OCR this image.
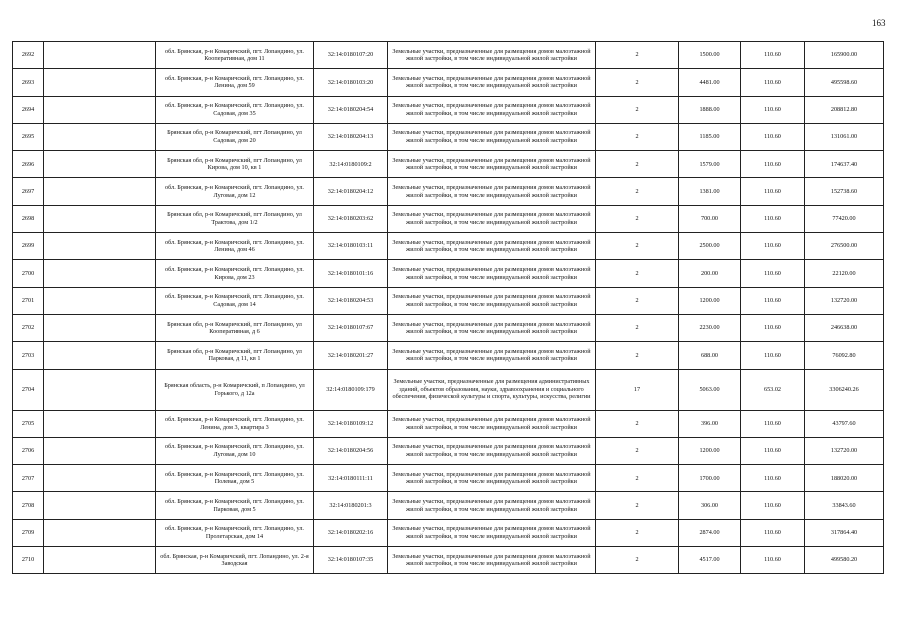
163
2692		обл. Брянская, р-н Комаричский, пгт. Лопандино, ул. Кооперативная, дом 11	32:14:0180107:20	Земельные участки, предназначенные для размещения домов малоэтажной жилой застройки, в том числе индивидуальной жилой застройки	2	1500.00	110.60	165900.00
2693		обл. Брянская, р-н Комаричский, пгт. Лопандино, ул. Ленина, дом 59	32:14:0180103:20	Земельные участки, предназначенные для размещения домов малоэтажной жилой застройки, в том числе индивидуальной жилой застройки	2	4481.00	110.60	495598.60
2694		обл. Брянская, р-н Комаричский, пгт. Лопандино, ул. Садовая, дом 35	32:14:0180204:54	Земельные участки, предназначенные для размещения домов малоэтажной жилой застройки, в том числе индивидуальной жилой застройки	2	1888.00	110.60	208812.80
2695		Брянская обл, р-н Комаричский, пгт Лопандино, ул Садовая, дом 20	32:14:0180204:13	Земельные участки, предназначенные для размещения домов малоэтажной жилой застройки, в том числе индивидуальной жилой застройки	2	1185.00	110.60	131061.00
2696		Брянская обл, р-н Комаричский, пгт Лопандино, ул Кирова, дом 10, кв 1	32:14:0180109:2	Земельные участки, предназначенные для размещения домов малоэтажной жилой застройки, в том числе индивидуальной жилой застройки	2	1579.00	110.60	174637.40
2697		обл. Брянская, р-н Комаричский, пгт. Лопандино, ул. Луговая, дом 12	32:14:0180204:12	Земельные участки, предназначенные для размещения домов малоэтажной жилой застройки, в том числе индивидуальной жилой застройки	2	1381.00	110.60	152738.60
2698		Брянская обл, р-н Комаричский, пгт Лопандино, ул Трактова, дом 1/2	32:14:0180203:62	Земельные участки, предназначенные для размещения домов малоэтажной жилой застройки, в том числе индивидуальной жилой застройки	2	700.00	110.60	77420.00
2699		обл. Брянская, р-н Комаричский, пгт. Лопандино, ул. Ленина, дом 46	32:14:0180103:11	Земельные участки, предназначенные для размещения домов малоэтажной жилой застройки, в том числе индивидуальной жилой застройки	2	2500.00	110.60	276500.00
2700		обл. Брянская, р-н Комаричский, пгт. Лопандино, ул. Кирова, дом 23	32:14:0180101:16	Земельные участки, предназначенные для размещения домов малоэтажной жилой застройки, в том числе индивидуальной жилой застройки	2	200.00	110.60	22120.00
2701		обл. Брянская, р-н Комаричский, пгт. Лопандино, ул. Садовая, дом 14	32:14:0180204:53	Земельные участки, предназначенные для размещения домов малоэтажной жилой застройки, в том числе индивидуальной жилой застройки	2	1200.00	110.60	132720.00
2702		Брянская обл, р-н Комаричский, пгт Лопандино, ул Кооперативная, д 6	32:14:0180107:67	Земельные участки, предназначенные для размещения домов малоэтажной жилой застройки, в том числе индивидуальной жилой застройки	2	2230.00	110.60	246638.00
2703		Брянская обл, р-н Комаричский, пгт Лопандино, ул Парковая, д 11, кв 1	32:14:0180201:27	Земельные участки, предназначенные для размещения домов малоэтажной жилой застройки, в том числе индивидуальной жилой застройки	2	688.00	110.60	76092.80
2704		Брянская область, р-н Комаричский, п Лопандино, ул Горького, д 12а	32:14:0180109:179	Земельные участки, предназначенные для размещения административных зданий, объектов образования, науки, здравоохранения и социального обеспечения, физической культуры и спорта, культуры, искусства, религии	17	5063.00	653.02	3306240.26
2705		обл. Брянская, р-н Комаричский, пгт. Лопандино, ул. Ленина, дом 3, квартира 3	32:14:0180109:12	Земельные участки, предназначенные для размещения домов малоэтажной жилой застройки, в том числе индивидуальной жилой застройки	2	396.00	110.60	43797.60
2706		обл. Брянская, р-н Комаричский, пгт. Лопандино, ул. Луговая, дом 10	32:14:0180204:56	Земельные участки, предназначенные для размещения домов малоэтажной жилой застройки, в том числе индивидуальной жилой застройки	2	1200.00	110.60	132720.00
2707		обл. Брянская, р-н Комаричский, пгт. Лопандино, ул. Полевая, дом 5	32:14:0180111:11	Земельные участки, предназначенные для размещения домов малоэтажной жилой застройки, в том числе индивидуальной жилой застройки	2	1700.00	110.60	188020.00
2708		обл. Брянская, р-н Комаричский, пгт. Лопандино, ул. Парковая, дом 5	32:14:0180201:3	Земельные участки, предназначенные для размещения домов малоэтажной жилой застройки, в том числе индивидуальной жилой застройки	2	306.00	110.60	33843.60
2709		обл. Брянская, р-н Комаричский, пгт. Лопандино, ул. Пролетарская, дом 14	32:14:0180202:16	Земельные участки, предназначенные для размещения домов малоэтажной жилой застройки, в том числе индивидуальной жилой застройки	2	2874.00	110.60	317864.40
2710		обл. Брянская, р-н Комаричский, пгт. Лопандино, ул. 2-я Заводская	32:14:0180107:35	Земельные участки, предназначенные для размещения домов малоэтажной жилой застройки, в том числе индивидуальной жилой застройки	2	4517.00	110.60	499580.20
